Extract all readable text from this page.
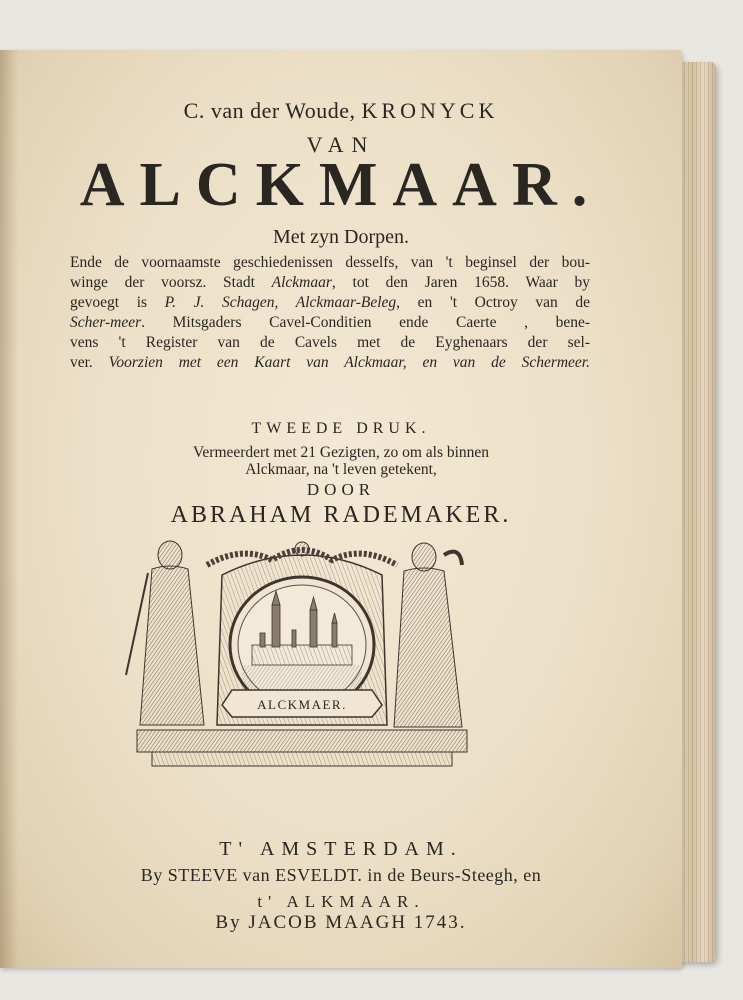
C. van der Woude, KRONYCK
VAN
ALCKMAAR.
Met zyn Dorpen.
Ende de voornaamste geschiedenissen desselfs, van 't beginsel der bou-
winge der voorsz. Stadt Alckmaar, tot den Jaren 1658. Waar by
gevoegt is P. J. Schagen, Alckmaar-Beleg, en 't Octroy van de
Scher-meer. Mitsgaders Cavel-Conditien ende Caerte , bene-
vens 't Register van de Cavels met de Eyghenaars der sel-
ver. Voorzien met een Kaart van Alckmaar, en van de Schermeer.
TWEEDE DRUK.
Vermeerdert met 21 Gezigten, zo om als binnen
Alckmaar, na 't leven getekent,
DOOR
ABRAHAM RADEMAKER.
ALCKMAER.
T' AMSTERDAM.
By STEEVE van ESVELDT. in de Beurs-Steegh, en
t' ALKMAAR.
By JACOB MAAGH 1743.
